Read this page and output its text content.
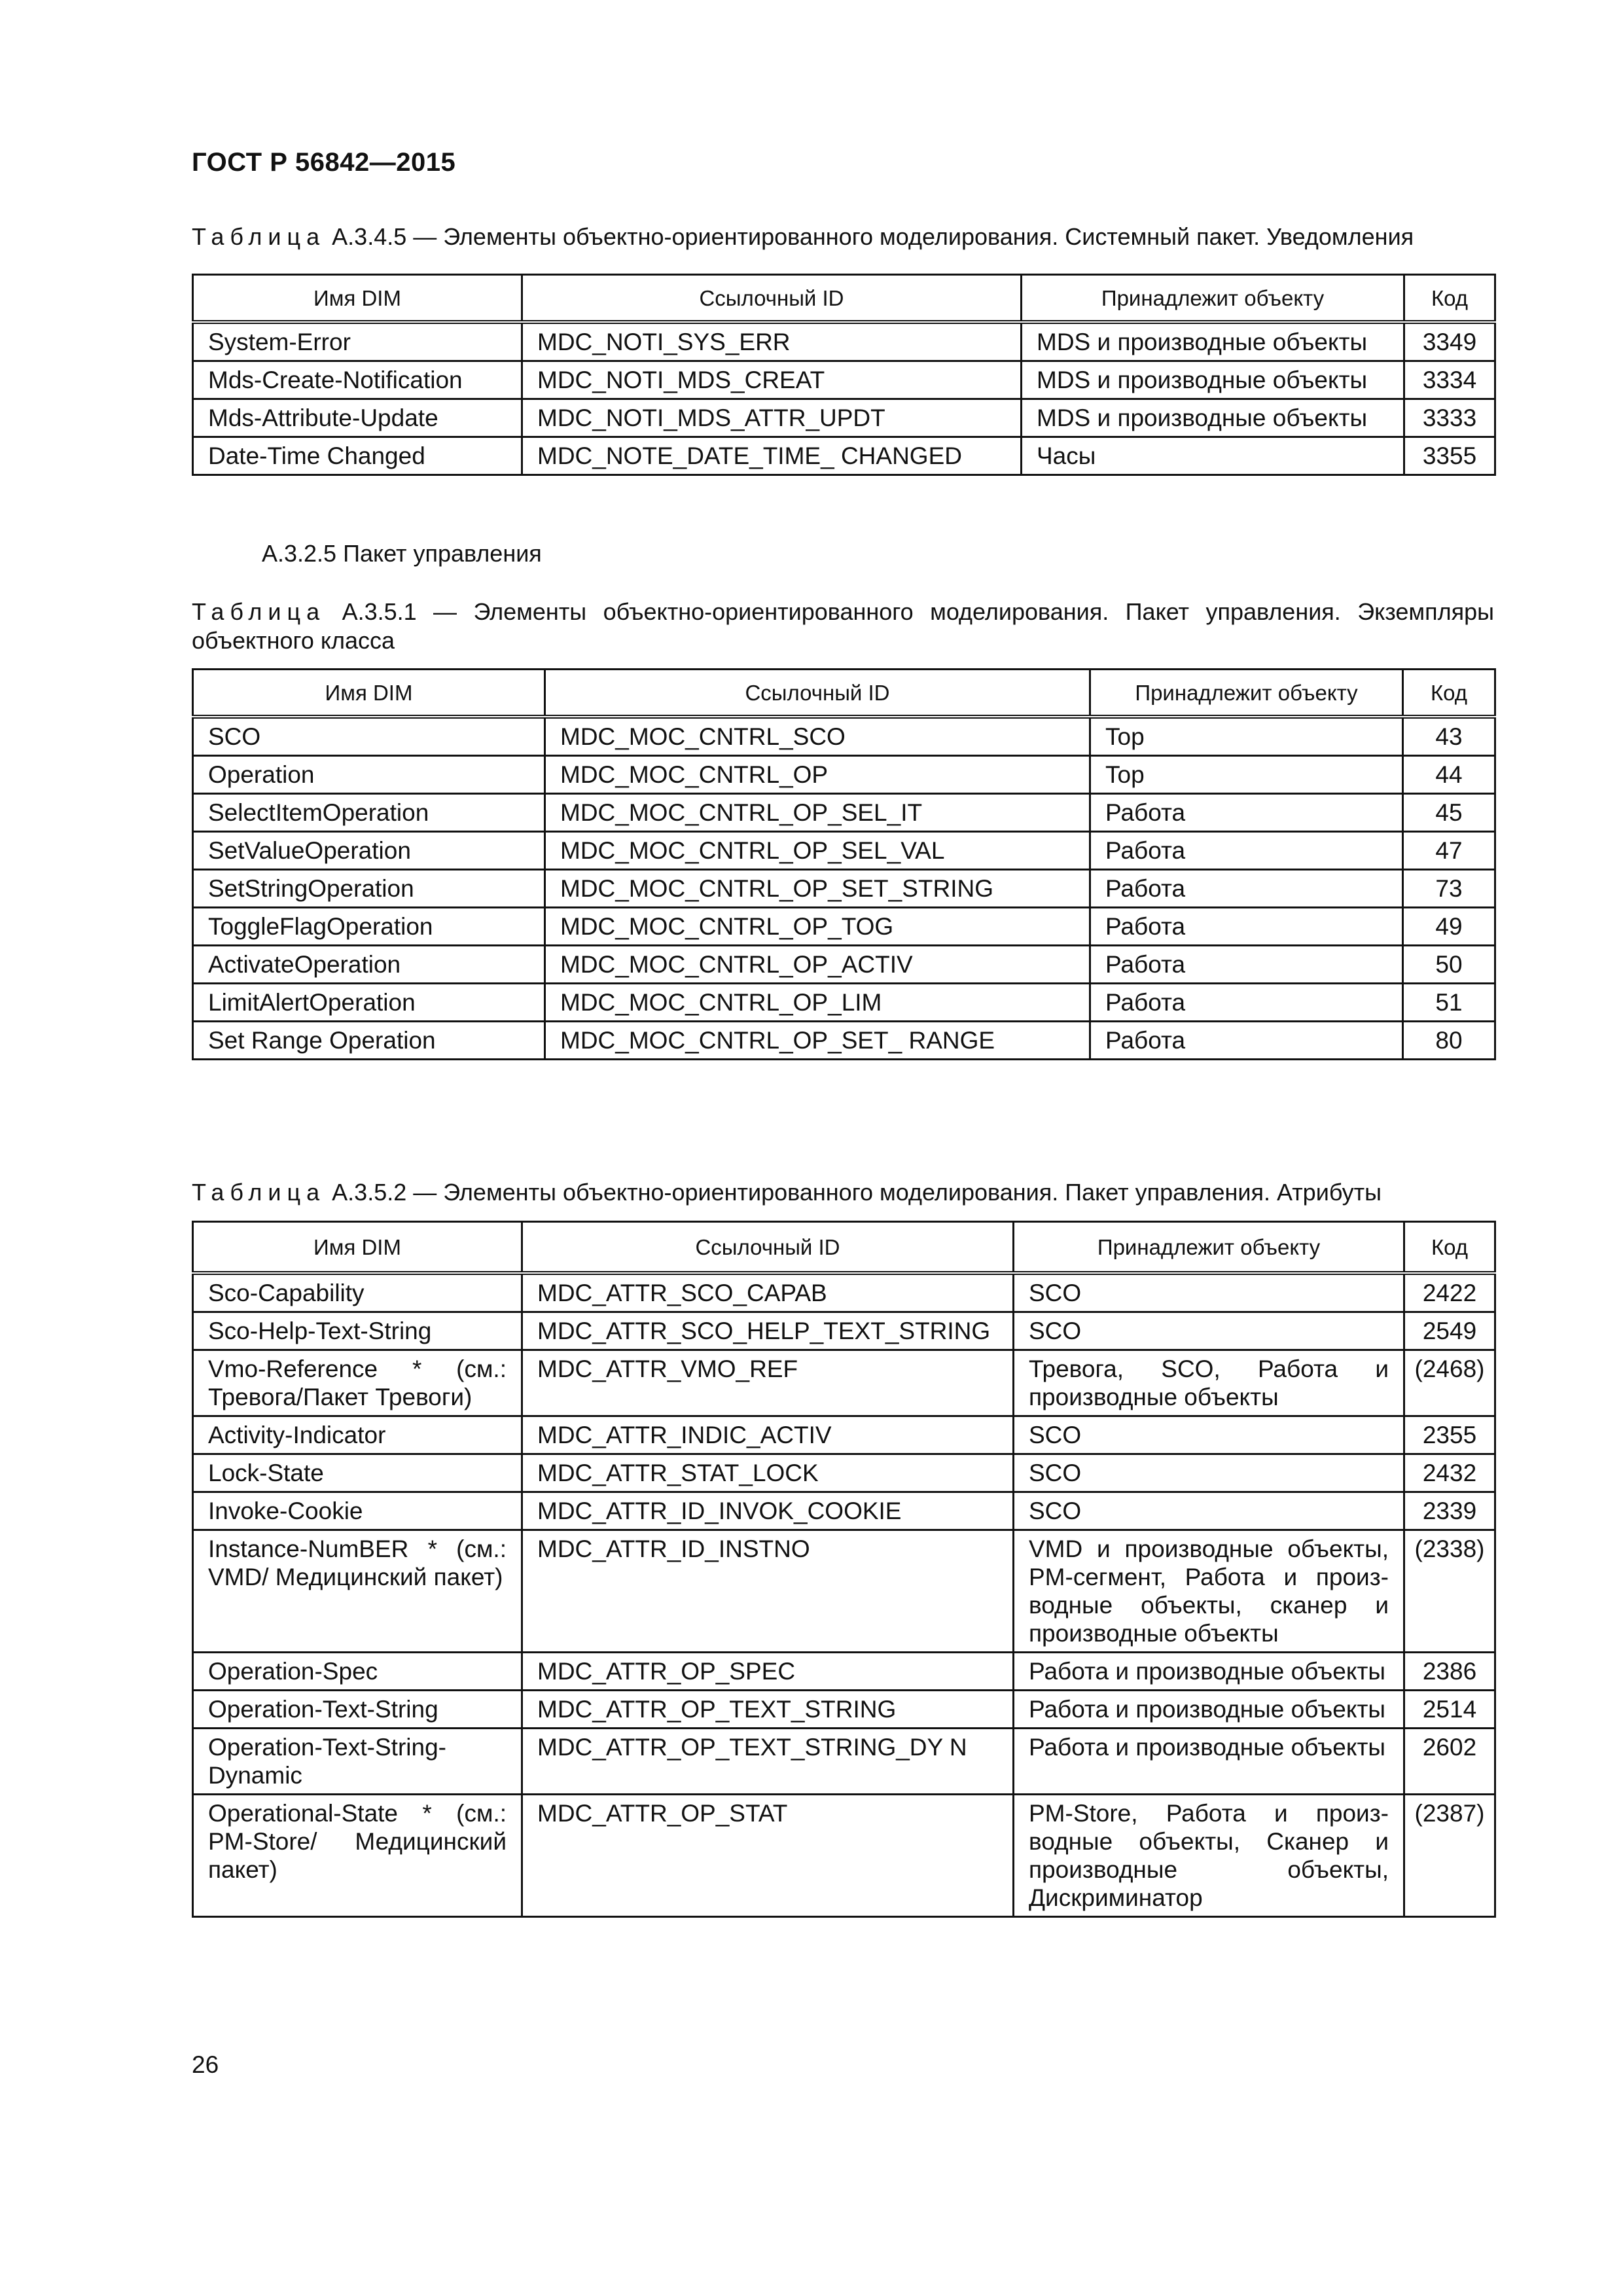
ГОСТ Р 56842—2015
Таблица А.3.4.5 — Элементы объектно-ориентированного моделирования. Системный пакет. Уведомления
Имя DIM	Ссылочный ID	Принадлежит объекту	Код
System-Error	MDC_NOTI_SYS_ERR	MDS и производные объекты	3349
Mds-Create-Notification	MDC_NOTI_MDS_CREAT	MDS и производные объекты	3334
Mds-Attribute-Update	MDC_NOTI_MDS_ATTR_UPDT	MDS и производные объекты	3333
Date-Time Changed	MDC_NOTE_DATE_TIME_ CHANGED	Часы	3355
А.3.2.5 Пакет управления
Таблица А.3.5.1 — Элементы объектно-ориентированного моделирования. Пакет управления. Экземпляры объектного класса
Имя DIM	Ссылочный ID	Принадлежит объекту	Код
SCO	MDC_MOC_CNTRL_SCO	Top	43
Operation	MDC_MOC_CNTRL_OP	Top	44
SelectItemOperation	MDC_MOC_CNTRL_OP_SEL_IT	Работа	45
SetValueOperation	MDC_MOC_CNTRL_OP_SEL_VAL	Работа	47
SetStringOperation	MDC_MOC_CNTRL_OP_SET_STRING	Работа	73
ToggleFlagOperation	MDC_MOC_CNTRL_OP_TOG	Работа	49
ActivateOperation	MDC_MOC_CNTRL_OP_ACTIV	Работа	50
LimitAlertOperation	MDC_MOC_CNTRL_OP_LIM	Работа	51
Set Range Operation	MDC_MOC_CNTRL_OP_SET_ RANGE	Работа	80
Таблица А.3.5.2 — Элементы объектно-ориентированного моделирования. Пакет управления. Атрибуты
Имя DIM	Ссылочный ID	Принадлежит объекту	Код
Sco-Capability	MDC_ATTR_SCO_CAPAB	SCO	2422
Sco-Help-Text-String	MDC_ATTR_SCO_HELP_TEXT_STRING	SCO	2549
Vmo-Reference * (см.: Тревога/Пакет Тревоги)	MDC_ATTR_VMO_REF	Тревога, SCO, Работа и производные объекты	(2468)
Activity-Indicator	MDC_ATTR_INDIC_ACTIV	SCO	2355
Lock-State	MDC_ATTR_STAT_LOCK	SCO	2432
Invoke-Cookie	MDC_ATTR_ID_INVOK_COOKIE	SCO	2339
Instance-NumBER * (см.: VMD/ Медицинский пакет)	MDC_ATTR_ID_INSTNO	VMD и производные объекты, PM-сегмент, Работа и производные объекты, сканер и производные объекты	(2338)
Operation-Spec	MDC_ATTR_OP_SPEC	Работа и производные объекты	2386
Operation-Text-String	MDC_ATTR_OP_TEXT_STRING	Работа и производные объекты	2514
Operation-Text-String-Dynamic	MDC_ATTR_OP_TEXT_STRING_DY N	Работа и производные объекты	2602
Operational-State * (см.: PM-Store/ Медицинский пакет)	MDC_ATTR_OP_STAT	PM-Store, Работа и производные объекты, Сканер и производные объекты, Дискриминатор	(2387)
26
